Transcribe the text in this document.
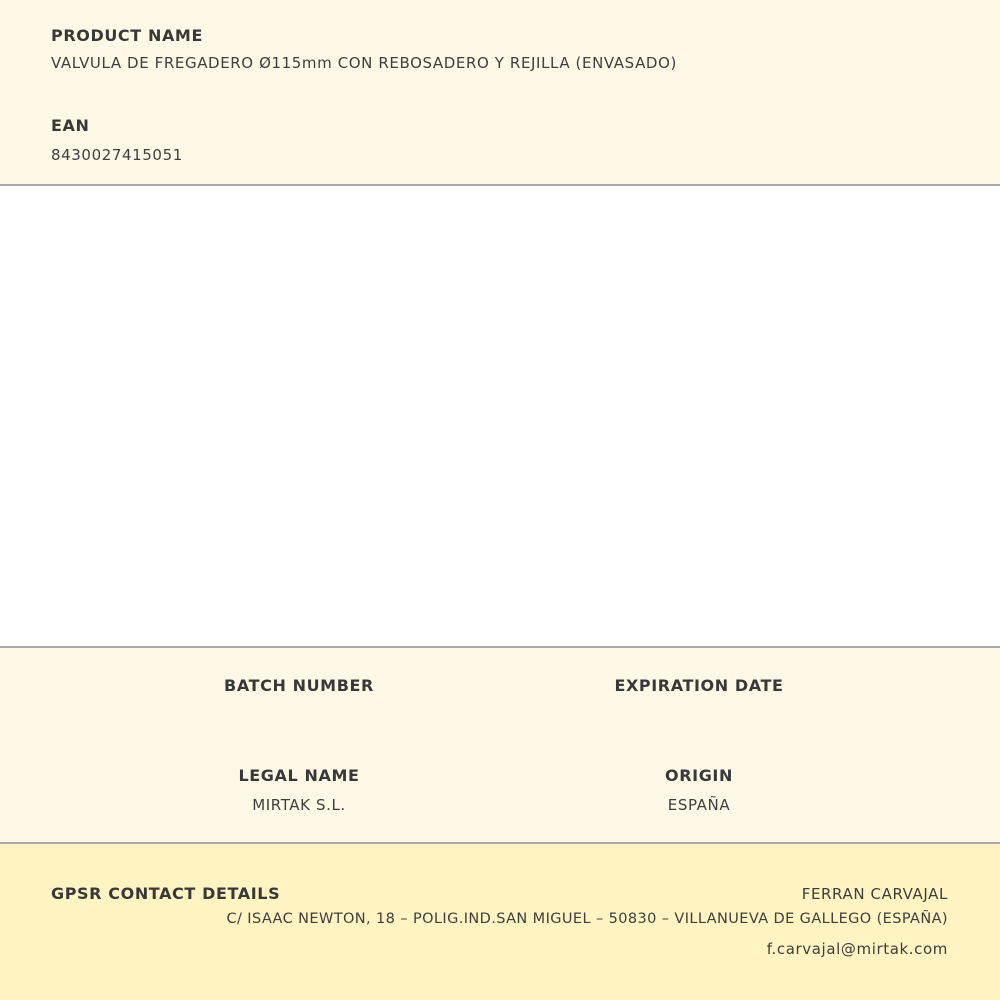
PRODUCT NAME
VALVULA DE FREGADERO Ø115mm CON REBOSADERO Y REJILLA (ENVASADO)
EAN
8430027415051
BATCH NUMBER	EXPIRATION DATE
LEGAL NAME
MIRTAK S.L.
ORIGIN
ESPAÑA
GPSR CONTACT DETAILS	FERRAN CARVAJAL
C/ ISAAC NEWTON, 18 – POLIG.IND.SAN MIGUEL – 50830 – VILLANUEVA DE GALLEGO (ESPAÑA)
f.carvajal@mirtak.com
